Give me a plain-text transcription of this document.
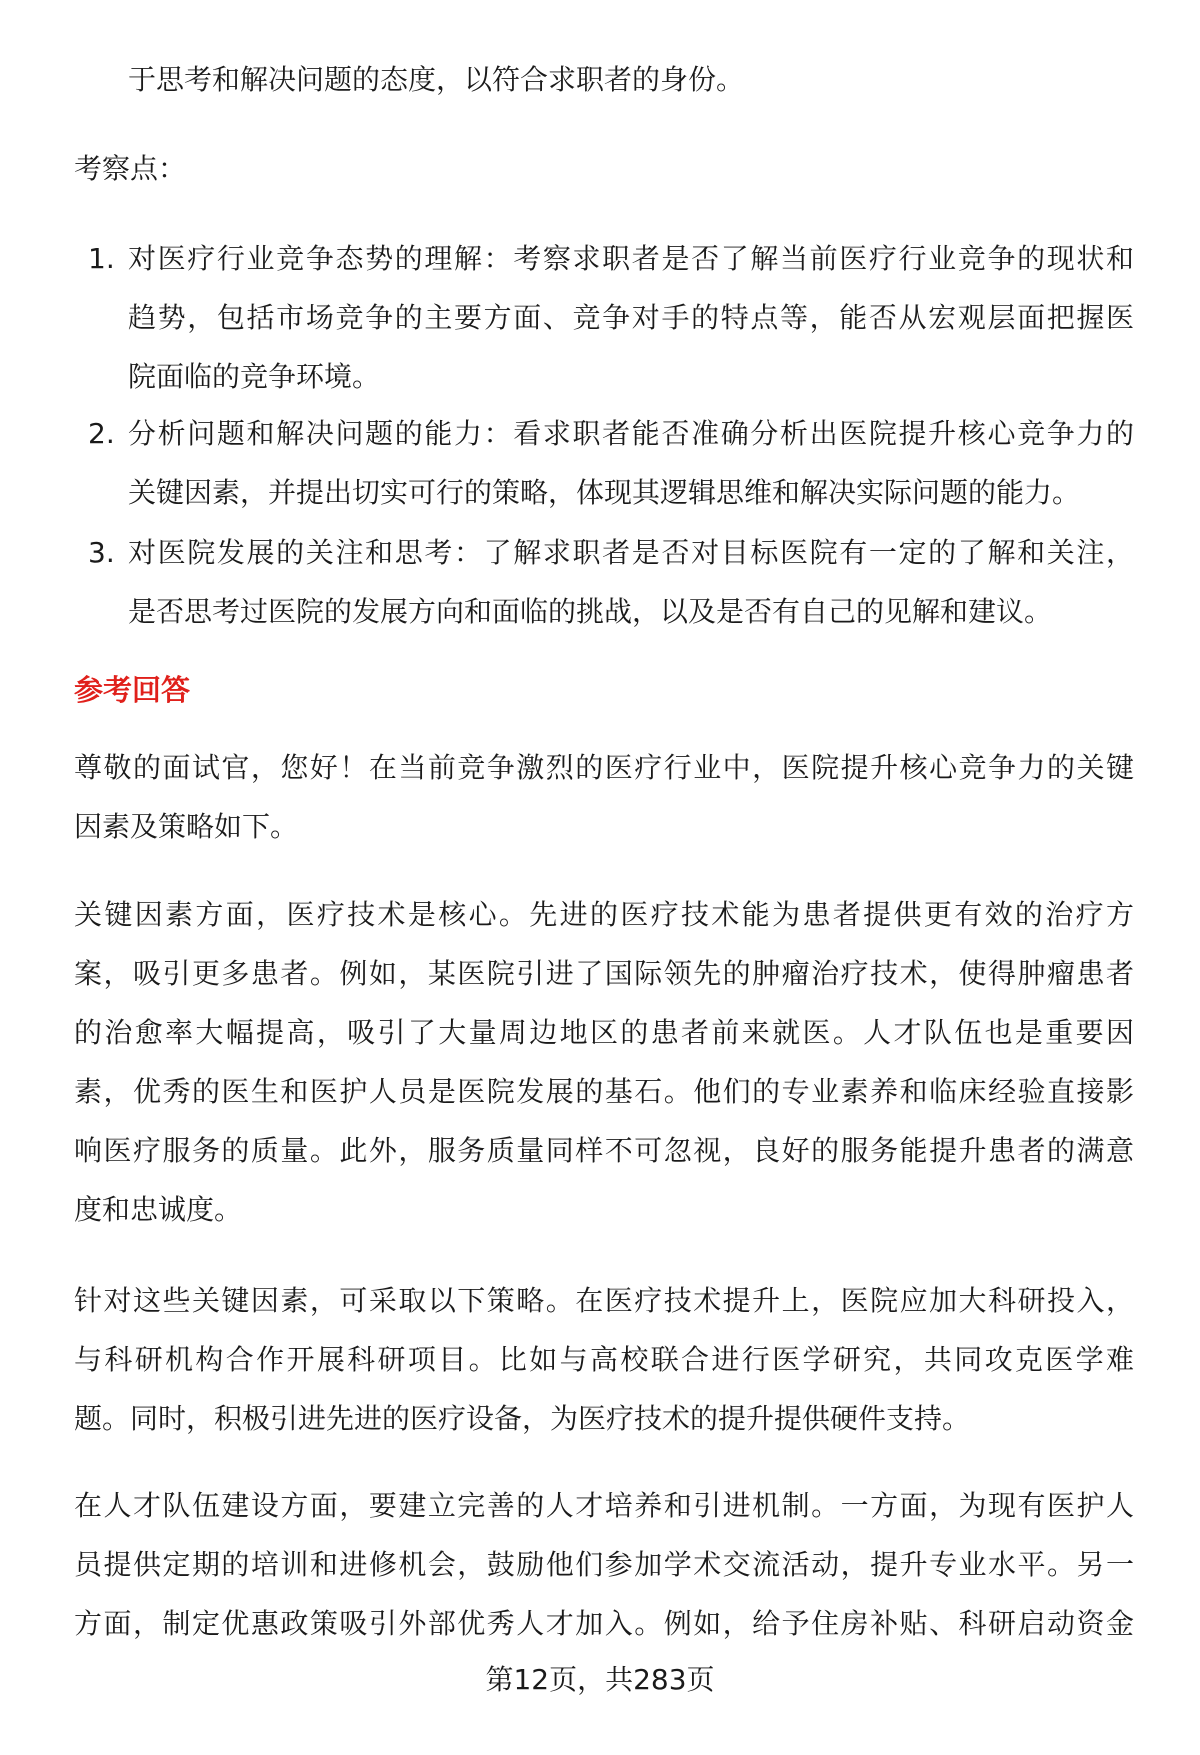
于思考和解决问题的态度，以符合求职者的身份。
考察点：
1. 对医疗行业竞争态势的理解：考察求职者是否了解当前医疗行业竞争的现状和
趋势，包括市场竞争的主要方面、竞争对手的特点等，能否从宏观层面把握医
院面临的竞争环境。
2. 分析问题和解决问题的能力：看求职者能否准确分析出医院提升核心竞争力的
关键因素，并提出切实可行的策略，体现其逻辑思维和解决实际问题的能力。
3. 对医院发展的关注和思考：了解求职者是否对目标医院有一定的了解和关注，
是否思考过医院的发展方向和面临的挑战，以及是否有自己的见解和建议。
参考回答
尊敬的面试官，您好！在当前竞争激烈的医疗行业中，医院提升核心竞争力的关键
因素及策略如下。
关键因素方面，医疗技术是核心。先进的医疗技术能为患者提供更有效的治疗方
案，吸引更多患者。例如，某医院引进了国际领先的肿瘤治疗技术，使得肿瘤患者
的治愈率大幅提高，吸引了大量周边地区的患者前来就医。人才队伍也是重要因
素，优秀的医生和医护人员是医院发展的基石。他们的专业素养和临床经验直接影
响医疗服务的质量。此外，服务质量同样不可忽视，良好的服务能提升患者的满意
度和忠诚度。
针对这些关键因素，可采取以下策略。在医疗技术提升上，医院应加大科研投入，
与科研机构合作开展科研项目。比如与高校联合进行医学研究，共同攻克医学难
题。同时，积极引进先进的医疗设备，为医疗技术的提升提供硬件支持。
在人才队伍建设方面，要建立完善的人才培养和引进机制。一方面，为现有医护人
员提供定期的培训和进修机会，鼓励他们参加学术交流活动，提升专业水平。另一
方面，制定优惠政策吸引外部优秀人才加入。例如，给予住房补贴、科研启动资金
第12页，共283页
